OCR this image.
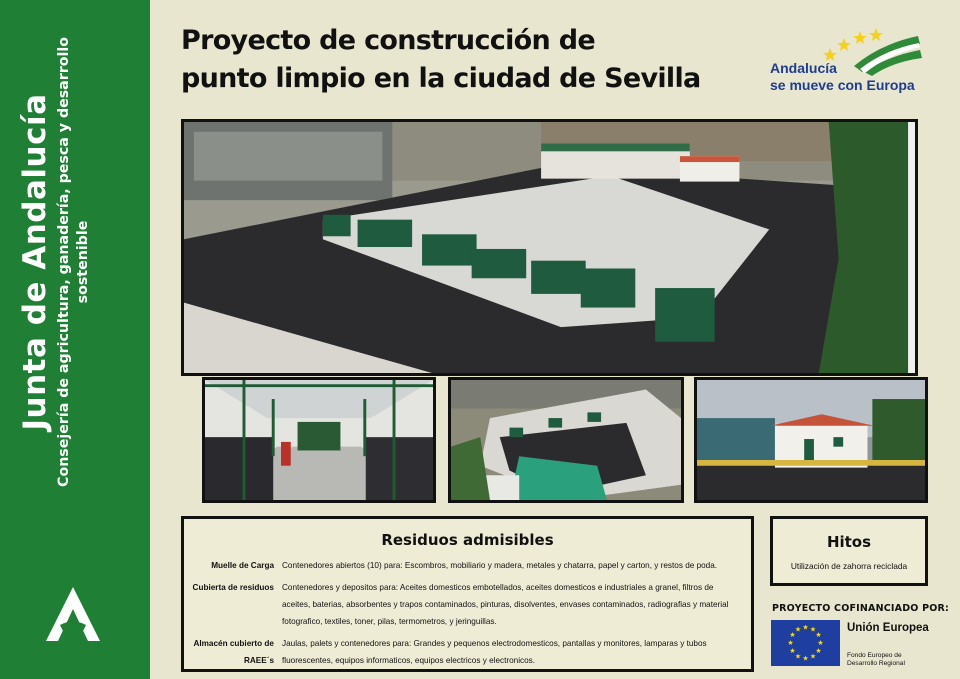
Junta de Andalucía Consejería de agricultura, ganadería, pesca y desarrollo sostenible
Proyecto de construcción de
punto limpio en la ciudad de Sevilla	Andalucía
se mueve con Europa
Residuos admisibles
Muelle de Carga Contenedores abiertos (10) para: Escombros, mobiliario y madera, metales y chatarra, papel y carton, y restos de poda.
Cubierta de residuos Contenedores y depositos para: Aceites domesticos embotellados, aceites domesticos e industriales a granel, filtros de aceites, baterias, absorbentes y trapos contaminados, pinturas, disolventes, envases contaminados, radiografias y material fotografico, textiles, toner, pilas, termometros, y jeringuillas.
Almacén cubierto de RAEE´s
Jaulas, palets y contenedores para: Grandes y pequenos electrodomesticos, pantallas y monitores, lamparas y tubos fluorescentes, equipos informaticos, equipos electricos y electronicos.
Hitos
Utilización de zahorra reciclada
PROYECTO COFINANCIADO POR:
★ ★
★
★
★
★
★
★
★
★
★
★	Unión Europea
Fondo Europeo de
Desarrollo Regional
